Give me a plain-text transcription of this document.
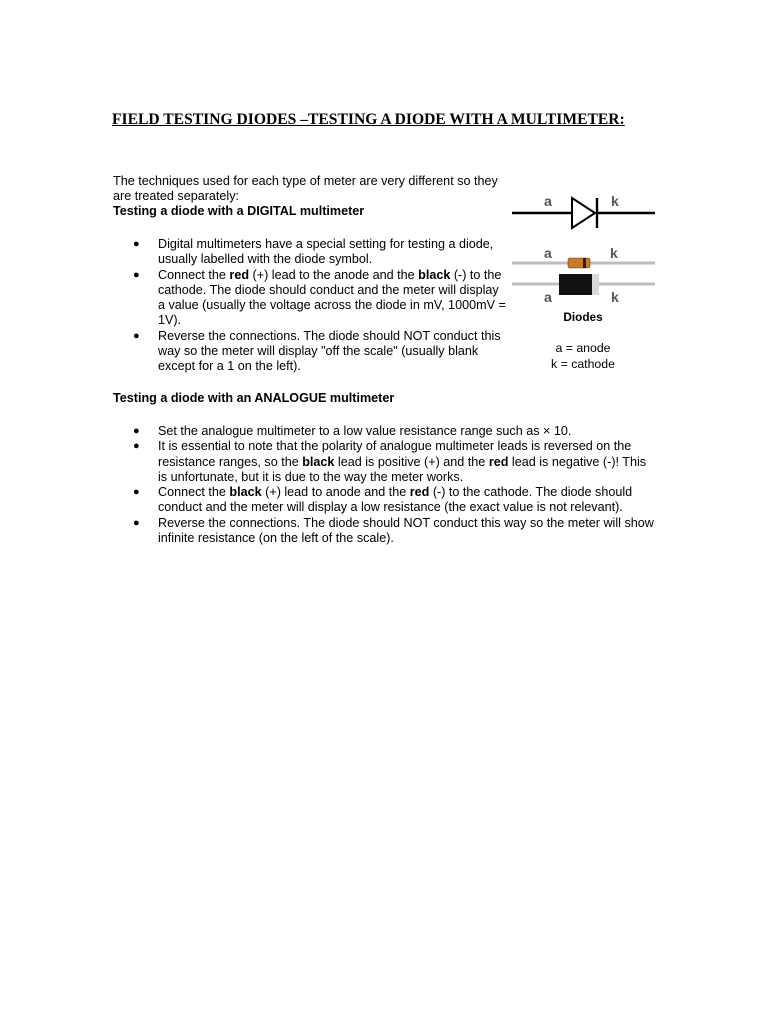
FIELD TESTING DIODES –TESTING A DIODE WITH A MULTIMETER:
The techniques used for each type of meter are very different so they are treated separately:
Testing a diode with a DIGITAL multimeter
● Digital multimeters have a special setting for testing a diode, usually labelled with the diode symbol.
● Connect the red (+) lead to the anode and the black (-) to the cathode. The diode should conduct and the meter will display a value (usually the voltage across the diode in mV, 1000mV = 1V).
● Reverse the connections. The diode should NOT conduct this way so the meter will display "off the scale" (usually blank except for a 1 on the left).
a	k
a	k
a	k
Diodes
a = anode
k = cathode
Testing a diode with an ANALOGUE multimeter
● Set the analogue multimeter to a low value resistance range such as × 10.
● It is essential to note that the polarity of analogue multimeter leads is reversed on the resistance ranges, so the black lead is positive (+) and the red lead is negative (-)! This is unfortunate, but it is due to the way the meter works.
● Connect the black (+) lead to anode and the red (-) to the cathode. The diode should conduct and the meter will display a low resistance (the exact value is not relevant).
● Reverse the connections. The diode should NOT conduct this way so the meter will show infinite resistance (on the left of the scale).
